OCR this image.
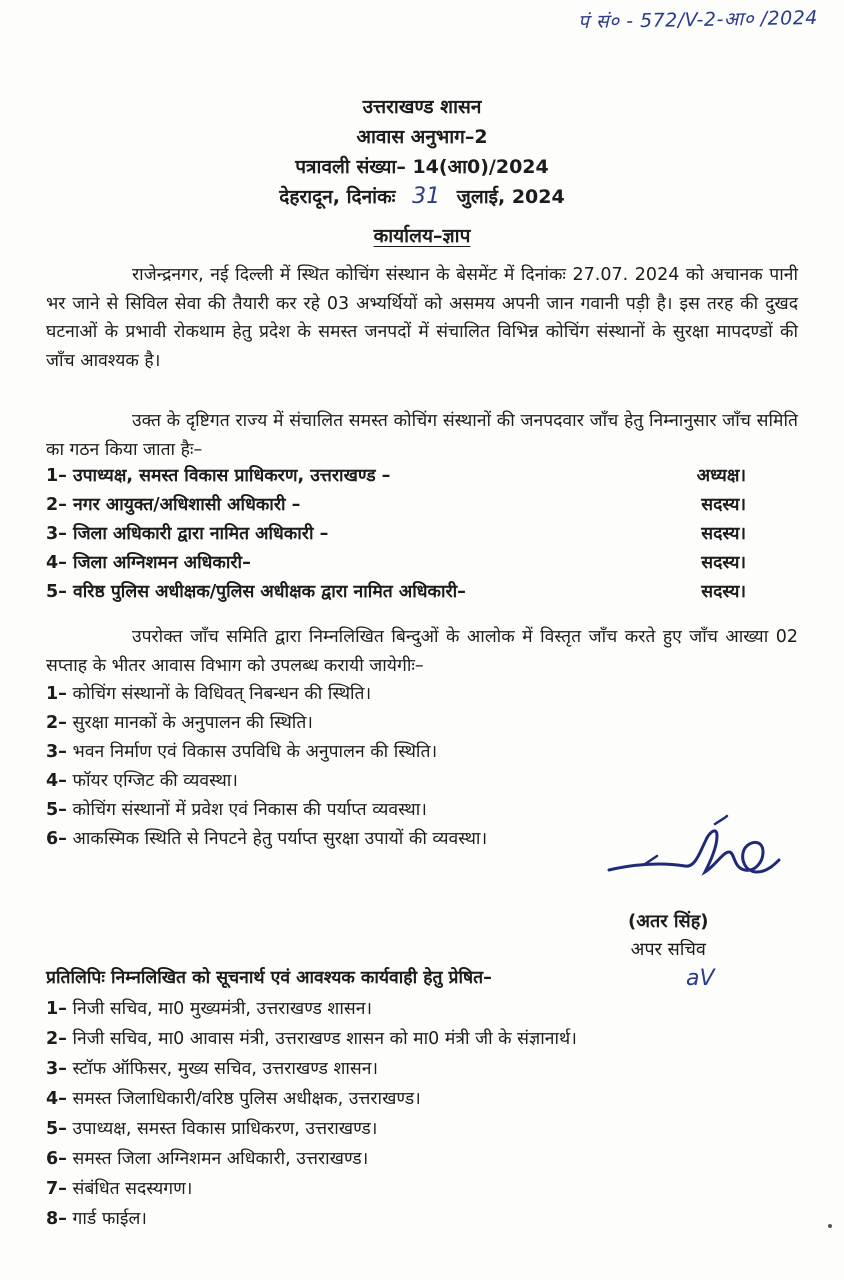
पं सं० - 572/V-2-आ० /2024
उत्तराखण्ड शासन
आवास अनुभाग–2
पत्रावली संख्या– 14(आ0)/2024
देहरादून, दिनांकः 31 जुलाई, 2024
कार्यालय–ज्ञाप
राजेन्द्रनगर, नई दिल्ली में स्थित कोचिंग संस्थान के बेसमेंट में दिनांकः 27.07. 2024 को अचानक पानी भर जाने से सिविल सेवा की तैयारी कर रहे 03 अभ्यर्थियों को असमय अपनी जान गवानी पड़ी है। इस तरह की दुखद घटनाओं के प्रभावी रोकथाम हेतु प्रदेश के समस्त जनपदों में संचालित विभिन्न कोचिंग संस्थानों के सुरक्षा मापदण्डों की जाँच आवश्यक है।
उक्त के दृष्टिगत राज्य में संचालित समस्त कोचिंग संस्थानों की जनपदवार जाँच हेतु निम्नानुसार जाँच समिति का गठन किया जाता हैः–
1– उपाध्यक्ष, समस्त विकास प्राधिकरण, उत्तराखण्ड –	अध्यक्ष।
2– नगर आयुक्त/अधिशासी अधिकारी –	सदस्य।
3– जिला अधिकारी द्वारा नामित अधिकारी –	सदस्य।
4– जिला अग्निशमन अधिकारी–	सदस्य।
5– वरिष्ठ पुलिस अधीक्षक/पुलिस अधीक्षक द्वारा नामित अधिकारी–	सदस्य।
उपरोक्त जाँच समिति द्वारा निम्नलिखित बिन्दुओं के आलोक में विस्तृत जाँच करते हुए जाँच आख्या 02 सप्ताह के भीतर आवास विभाग को उपलब्ध करायी जायेगीः–
1– कोचिंग संस्थानों के विधिवत् निबन्धन की स्थिति।
2– सुरक्षा मानकों के अनुपालन की स्थिति।
3– भवन निर्माण एवं विकास उपविधि के अनुपालन की स्थिति।
4– फॉयर एग्जिट की व्यवस्था।
5– कोचिंग संस्थानों में प्रवेश एवं निकास की पर्याप्त व्यवस्था।
6– आकस्मिक स्थिति से निपटने हेतु पर्याप्त सुरक्षा उपायों की व्यवस्था।
(अतर सिंह)
अपर सचिव
प्रतिलिपिः निम्नलिखित को सूचनार्थ एवं आवश्यक कार्यवाही हेतु प्रेषित–	aV
1– निजी सचिव, मा0 मुख्यमंत्री, उत्तराखण्ड शासन।
2– निजी सचिव, मा0 आवास मंत्री, उत्तराखण्ड शासन को मा0 मंत्री जी के संज्ञानार्थ।
3– स्टॉफ ऑफिसर, मुख्य सचिव, उत्तराखण्ड शासन।
4– समस्त जिलाधिकारी/वरिष्ठ पुलिस अधीक्षक, उत्तराखण्ड।
5– उपाध्यक्ष, समस्त विकास प्राधिकरण, उत्तराखण्ड।
6– समस्त जिला अग्निशमन अधिकारी, उत्तराखण्ड।
7– संबंधित सदस्यगण।
8– गार्ड फाईल।
